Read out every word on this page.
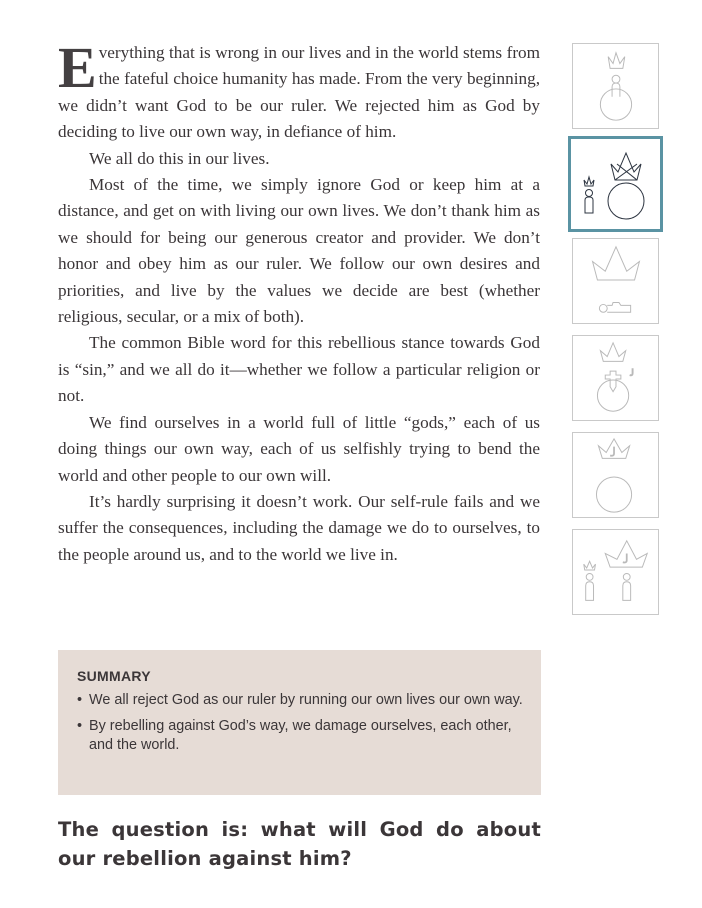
Everything that is wrong in our lives and in the world stems from the fateful choice humanity has made. From the very beginning, we didn’t want God to be our ruler. We rejected him as God by deciding to live our own way, in defiance of him.

We all do this in our lives.

Most of the time, we simply ignore God or keep him at a distance, and get on with living our own lives. We don’t thank him as we should for being our generous creator and provider. We don’t honor and obey him as our ruler. We follow our own desires and priorities, and live by the values we decide are best (whether religious, secular, or a mix of both).

The common Bible word for this rebellious stance towards God is “sin,” and we all do it—whether we follow a particular religion or not.

We find ourselves in a world full of little “gods,” each of us doing things our own way, each of us selfishly trying to bend the world and other people to our own will.

It’s hardly surprising it doesn’t work. Our self-rule fails and we suffer the consequences, including the damage we do to ourselves, to the people around us, and to the world we live in.

SUMMARY
• We all reject God as our ruler by running our own lives our own way.
• By rebelling against God’s way, we damage ourselves, each other, and the world.
The question is: what will God do about our rebellion against him?
